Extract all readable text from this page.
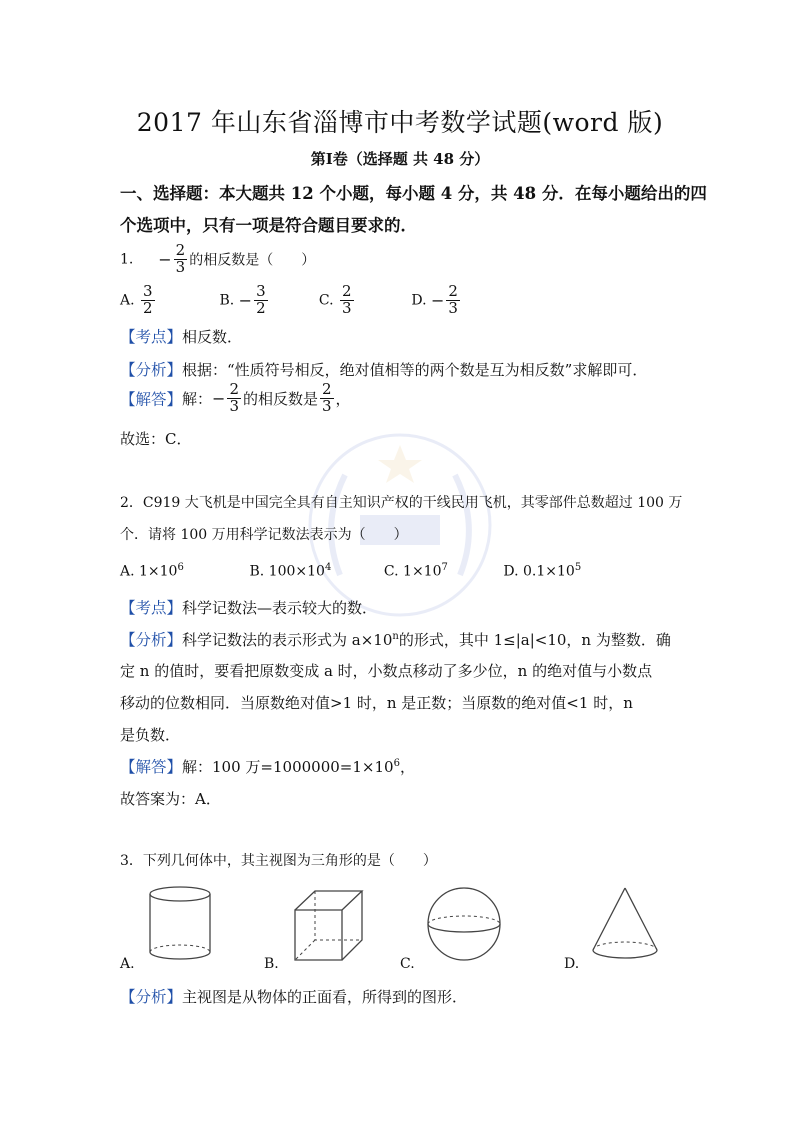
2017 年山东省淄博市中考数学试题(word 版)
第Ⅰ卷（选择题 共 48 分）
一、选择题：本大题共 12 个小题，每小题 4 分，共 48 分．在每小题给出的四
个选项中，只有一项是符合题目要求的．
1. − $\frac{2}{3}$ 的相反数是（　　）
A. $\frac{3}{2}$	B. − $\frac{3}{2}$	C. $\frac{2}{3}$	D. − $\frac{2}{3}$
【考点】相反数．
【分析】根据：“性质符号相反，绝对值相等的两个数是互为相反数”求解即可．
【解答】解：− $\frac{2}{3}$ 的相反数是 $\frac{2}{3}$ ，
故选：C．
2．C919 大飞机是中国完全具有自主知识产权的干线民用飞机，其零部件总数超过 100 万
个．请将 100 万用科学记数法表示为（　　）
A. $1\times 10^6$	B. $100\times 10^4$	C. $1\times 10^7$	D. $0.1\times 10^5$
【考点】科学记数法—表示较大的数．
【分析】科学记数法的表示形式为 $a\times 10^n$的形式，其中 1≤|a|<10，n 为整数．确
定 n 的值时，要看把原数变成 a 时，小数点移动了多少位，n 的绝对值与小数点
移动的位数相同．当原数绝对值>1 时，n 是正数；当原数的绝对值<1 时，n
是负数．
【解答】解：100 万$=1000000=1\times 10^6$，
故答案为：A．
3．下列几何体中，其主视图为三角形的是（　　）
A.	B.	C.	D.
【分析】主视图是从物体的正面看，所得到的图形．
